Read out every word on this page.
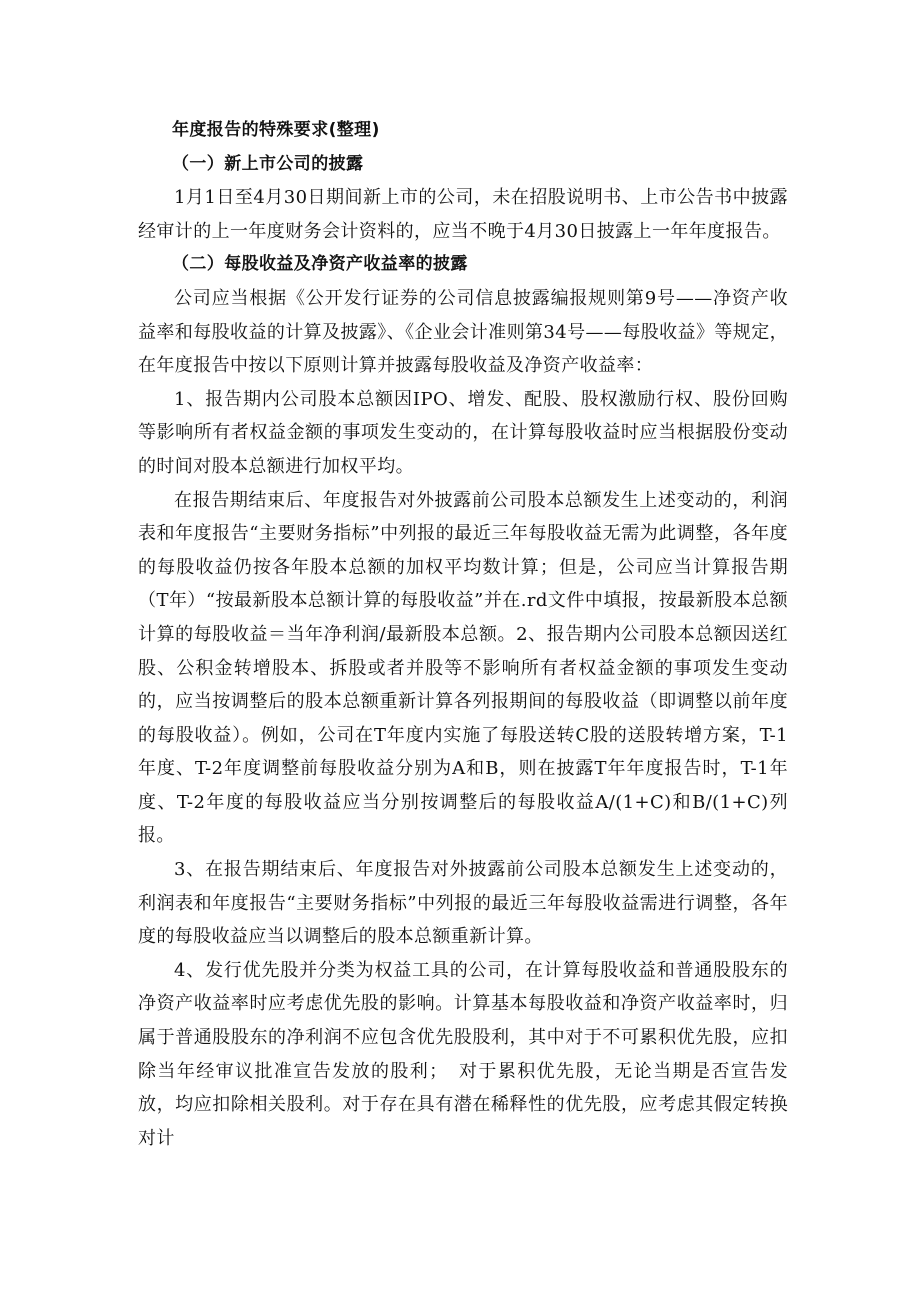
年度报告的特殊要求(整理)

（一）新上市公司的披露

1月1日至4月30日期间新上市的公司，未在招股说明书、上市公告书中披露经审计的上一年度财务会计资料的，应当不晚于4月30日披露上一年年度报告。

（二）每股收益及净资产收益率的披露

公司应当根据《公开发行证券的公司信息披露编报规则第9号——净资产收益率和每股收益的计算及披露》、《企业会计准则第34号——每股收益》等规定，在年度报告中按以下原则计算并披露每股收益及净资产收益率：

1、报告期内公司股本总额因IPO、增发、配股、股权激励行权、股份回购等影响所有者权益金额的事项发生变动的，在计算每股收益时应当根据股份变动的时间对股本总额进行加权平均。

在报告期结束后、年度报告对外披露前公司股本总额发生上述变动的，利润表和年度报告“主要财务指标”中列报的最近三年每股收益无需为此调整，各年度的每股收益仍按各年股本总额的加权平均数计算；但是，公司应当计算报告期（T年）“按最新股本总额计算的每股收益”并在.rd文件中填报，按最新股本总额计算的每股收益＝当年净利润/最新股本总额。2、报告期内公司股本总额因送红股、公积金转增股本、拆股或者并股等不影响所有者权益金额的事项发生变动的，应当按调整后的股本总额重新计算各列报期间的每股收益（即调整以前年度的每股收益）。例如，公司在T年度内实施了每股送转C股的送股转增方案，T-1年度、T-2年度调整前每股收益分别为A和B，则在披露T年年度报告时，T-1年度、T-2年度的每股收益应当分别按调整后的每股收益A/(1+C)和B/(1+C)列报。

3、在报告期结束后、年度报告对外披露前公司股本总额发生上述变动的，利润表和年度报告“主要财务指标”中列报的最近三年每股收益需进行调整，各年度的每股收益应当以调整后的股本总额重新计算。

4、发行优先股并分类为权益工具的公司，在计算每股收益和普通股股东的净资产收益率时应考虑优先股的影响。计算基本每股收益和净资产收益率时，归属于普通股股东的净利润不应包含优先股股利，其中对于不可累积优先股，应扣除当年经审议批准宣告发放的股利；　对于累积优先股，无论当期是否宣告发放，均应扣除相关股利。对于存在具有潜在稀释性的优先股，应考虑其假定转换对计
